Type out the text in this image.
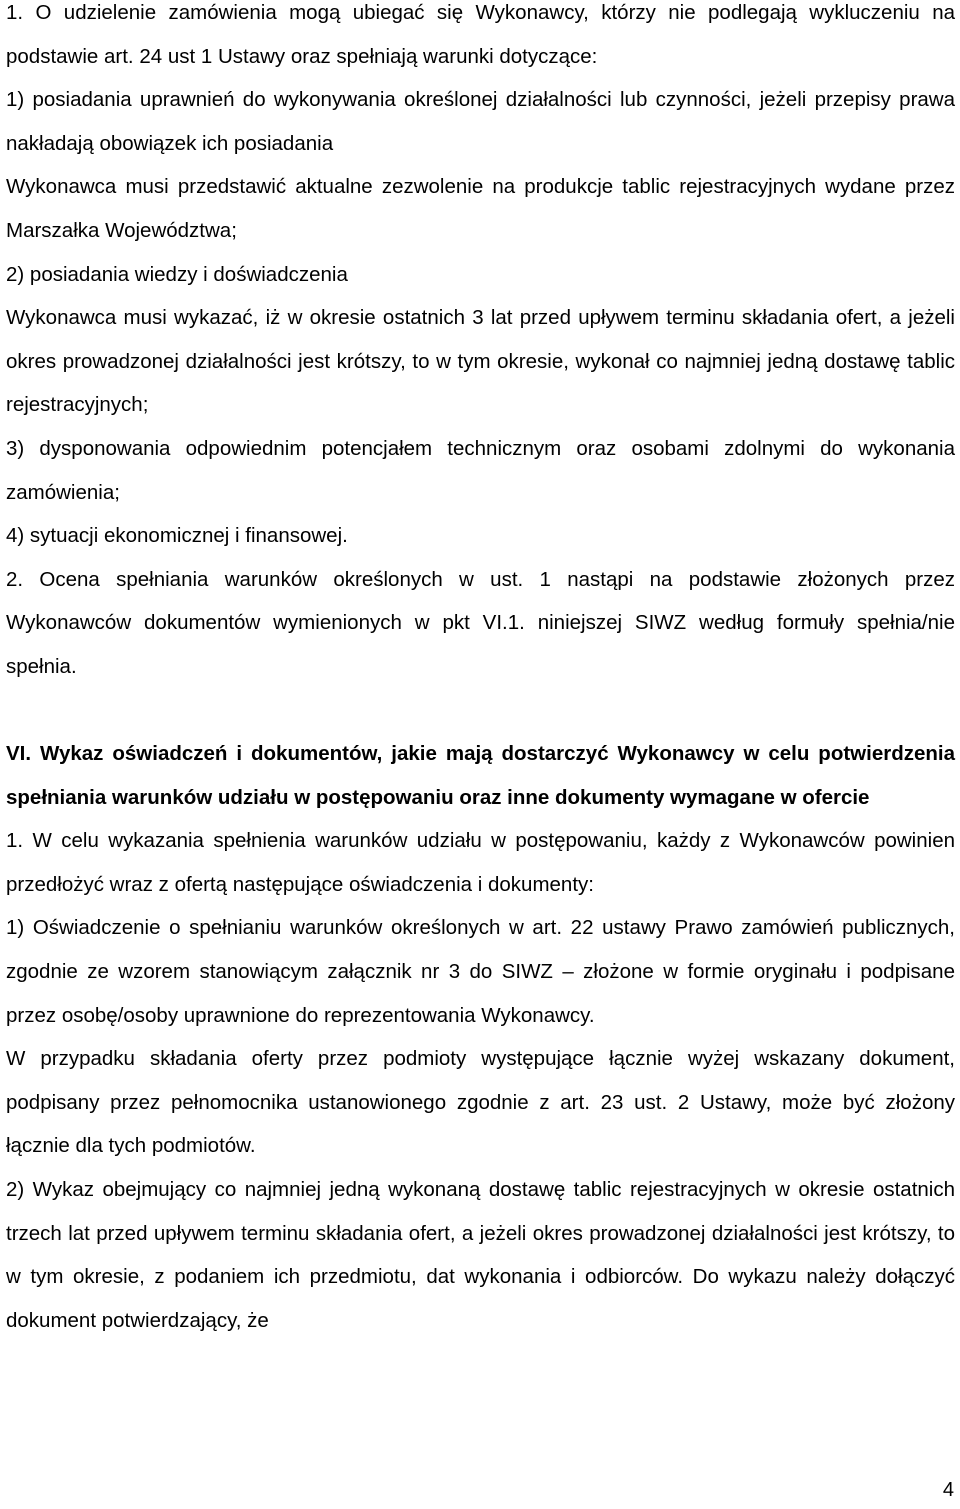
1. O udzielenie zamówienia mogą ubiegać się Wykonawcy, którzy nie podlegają wykluczeniu na podstawie art. 24 ust 1 Ustawy oraz spełniają warunki dotyczące:

1) posiadania uprawnień do wykonywania określonej działalności lub czynności, jeżeli przepisy prawa nakładają obowiązek ich posiadania

Wykonawca musi przedstawić aktualne zezwolenie na produkcje tablic rejestracyjnych wydane przez Marszałka Województwa;

2) posiadania wiedzy i doświadczenia

Wykonawca musi wykazać, iż w okresie ostatnich 3 lat przed upływem terminu składania ofert, a jeżeli okres prowadzonej działalności jest krótszy, to w tym okresie, wykonał co najmniej jedną dostawę tablic rejestracyjnych;

3) dysponowania odpowiednim potencjałem technicznym oraz osobami zdolnymi do wykonania zamówienia;

4) sytuacji ekonomicznej i finansowej.

2. Ocena spełniania warunków określonych w ust. 1 nastąpi na podstawie złożonych przez Wykonawców dokumentów wymienionych w pkt VI.1. niniejszej SIWZ według formuły spełnia/nie spełnia.

VI. Wykaz oświadczeń i dokumentów, jakie mają dostarczyć Wykonawcy w celu potwierdzenia spełniania warunków udziału w postępowaniu oraz inne dokumenty wymagane w ofercie

1. W celu wykazania spełnienia warunków udziału w postępowaniu, każdy z Wykonawców powinien przedłożyć wraz z ofertą następujące oświadczenia i dokumenty:

1) Oświadczenie o spełnianiu warunków określonych w art. 22 ustawy Prawo zamówień publicznych, zgodnie ze wzorem stanowiącym załącznik nr 3 do SIWZ – złożone w formie oryginału i podpisane przez osobę/osoby uprawnione do reprezentowania Wykonawcy.

W przypadku składania oferty przez podmioty występujące łącznie wyżej wskazany dokument, podpisany przez pełnomocnika ustanowionego zgodnie z art. 23 ust. 2 Ustawy, może być złożony łącznie dla tych podmiotów.

2) Wykaz obejmujący co najmniej jedną wykonaną dostawę tablic rejestracyjnych w okresie ostatnich trzech lat przed upływem terminu składania ofert, a jeżeli okres prowadzonej działalności jest krótszy, to w tym okresie, z podaniem ich przedmiotu, dat wykonania i odbiorców. Do wykazu należy dołączyć dokument potwierdzający, że

4
